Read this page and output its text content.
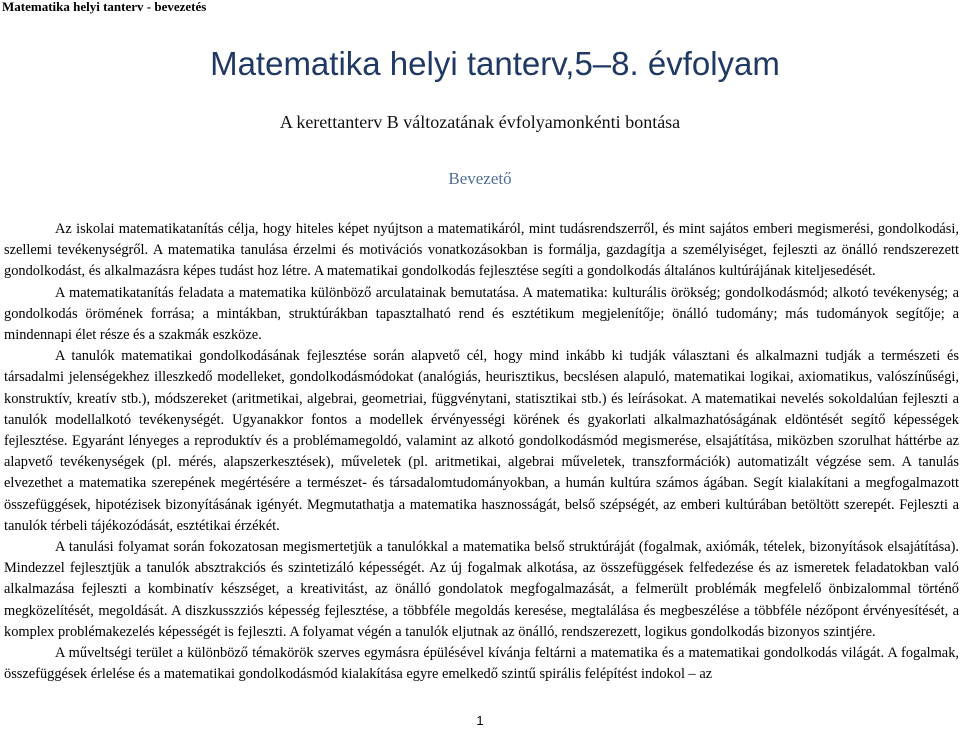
Matematika helyi tanterv - bevezetés
Matematika helyi tanterv,5–8. évfolyam
A kerettanterv B változatának évfolyamonkénti bontása
Bevezető

Az iskolai matematikatanítás célja, hogy hiteles képet nyújtson a matematikáról, mint tudásrendszerről, és mint sajátos emberi megismerési, gondolkodási, szellemi tevékenységről. A matematika tanulása érzelmi és motivációs vonatkozásokban is formálja, gazdagítja a személyiséget, fejleszti az önálló rendszerezett gondolkodást, és alkalmazásra képes tudást hoz létre. A matematikai gondolkodás fejlesztése segíti a gondolkodás általános kultúrájának kiteljesedését.

A matematikatanítás feladata a matematika különböző arculatainak bemutatása. A matematika: kulturális örökség; gondolkodásmód; alkotó tevékenység; a gondolkodás örömének forrása; a mintákban, struktúrákban tapasztalható rend és esztétikum megjelenítője; önálló tudomány; más tudományok segítője; a mindennapi élet része és a szakmák eszköze.

A tanulók matematikai gondolkodásának fejlesztése során alapvető cél, hogy mind inkább ki tudják választani és alkalmazni tudják a természeti és társadalmi jelenségekhez illeszkedő modelleket, gondolkodásmódokat (analógiás, heurisztikus, becslésen alapuló, matematikai logikai, axiomatikus, valószínűségi, konstruktív, kreatív stb.), módszereket (aritmetikai, algebrai, geometriai, függvénytani, statisztikai stb.) és leírásokat. A matematikai nevelés sokoldalúan fejleszti a tanulók modellalkotó tevékenységét. Ugyanakkor fontos a modellek érvényességi körének és gyakorlati alkalmazhatóságának eldöntését segítő képességek fejlesztése. Egyaránt lényeges a reproduktív és a problémamegoldó, valamint az alkotó gondolkodásmód megismerése, elsajátítása, miközben szorulhat háttérbe az alapvető tevékenységek (pl. mérés, alapszerkesztések), műveletek (pl. aritmetikai, algebrai műveletek, transzformációk) automatizált végzése sem. A tanulás elvezethet a matematika szerepének megértésére a természet- és társadalomtudományokban, a humán kultúra számos ágában. Segít kialakítani a megfogalmazott összefüggések, hipotézisek bizonyításának igényét. Megmutathatja a matematika hasznosságát, belső szépségét, az emberi kultúrában betöltött szerepét. Fejleszti a tanulók térbeli tájékozódását, esztétikai érzékét.

A tanulási folyamat során fokozatosan megismertetjük a tanulókkal a matematika belső struktúráját (fogalmak, axiómák, tételek, bizonyítások elsajátítása). Mindezzel fejlesztjük a tanulók absztrakciós és szintetizáló képességét. Az új fogalmak alkotása, az összefüggések felfedezése és az ismeretek feladatokban való alkalmazása fejleszti a kombinatív készséget, a kreativitást, az önálló gondolatok megfogalmazását, a felmerült problémák megfelelő önbizalommal történő megközelítését, megoldását. A diszkusszziós képesség fejlesztése, a többféle megoldás keresése, megtalálása és megbeszélése a többféle nézőpont érvényesítését, a komplex problémakezelés képességét is fejleszti. A folyamat végén a tanulók eljutnak az önálló, rendszerezett, logikus gondolkodás bizonyos szintjére.

A műveltségi terület a különböző témakörök szerves egymásra épülésével kívánja feltárni a matematika és a matematikai gondolkodás világát. A fogalmak, összefüggések érlelése és a matematikai gondolkodásmód kialakítása egyre emelkedő szintű spirális felépítést indokol – az

1
